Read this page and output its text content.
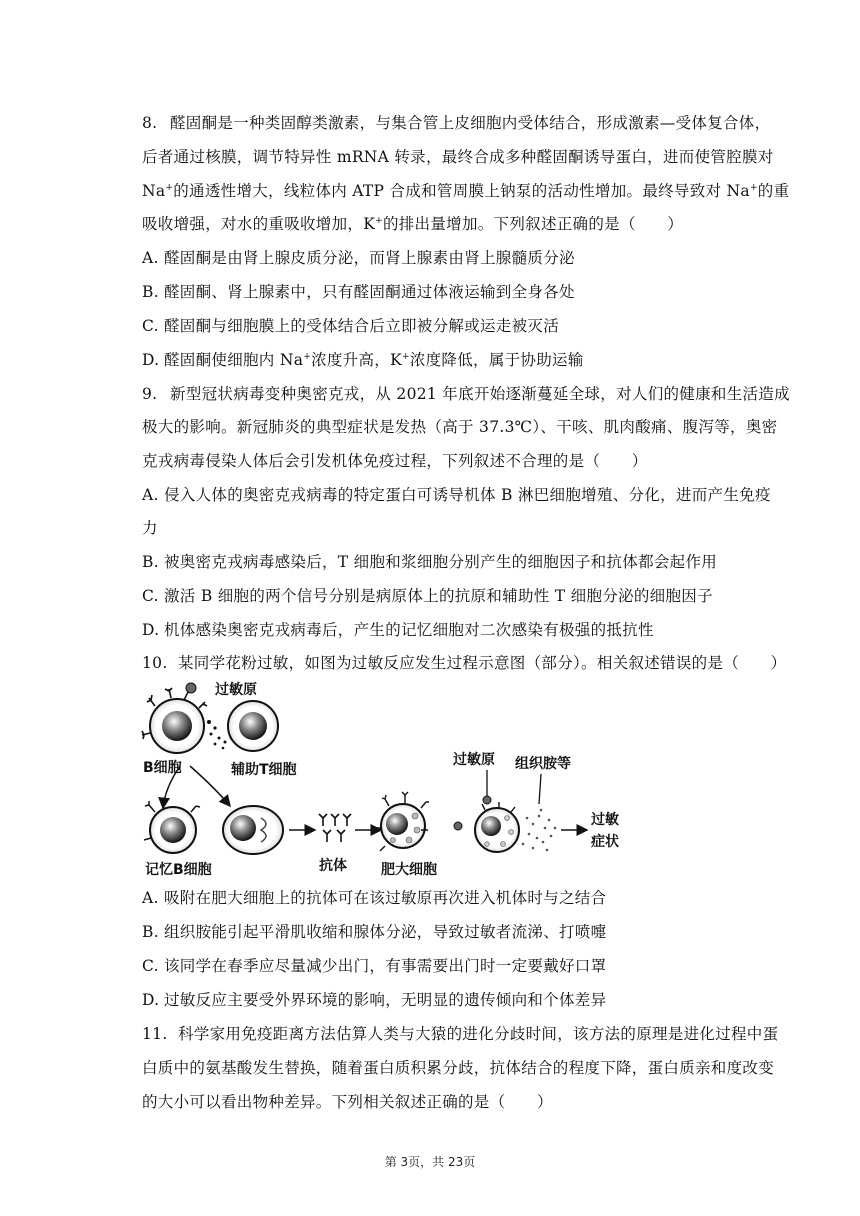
8. 醛固酮是一种类固醇类激素，与集合管上皮细胞内受体结合，形成激素—受体复合体，
后者通过核膜，调节特异性 mRNA 转录，最终合成多种醛固酮诱导蛋白，进而使管腔膜对
Na+的通透性增大，线粒体内 ATP 合成和管周膜上钠泵的活动性增加。最终导致对 Na+的重
吸收增强，对水的重吸收增加，K+的排出量增加。下列叙述正确的是（　　）
A. 醛固酮是由肾上腺皮质分泌，而肾上腺素由肾上腺髓质分泌
B. 醛固酮、肾上腺素中，只有醛固酮通过体液运输到全身各处
C. 醛固酮与细胞膜上的受体结合后立即被分解或运走被灭活
D. 醛固酮使细胞内 Na+浓度升高，K+浓度降低，属于协助运输
9. 新型冠状病毒变种奥密克戎，从 2021 年底开始逐渐蔓延全球，对人们的健康和生活造成
极大的影响。新冠肺炎的典型症状是发热（高于 37.3℃）、干咳、肌肉酸痛、腹泻等，奥密
克戎病毒侵染人体后会引发机体免疫过程，下列叙述不合理的是（　　）
A. 侵入人体的奥密克戎病毒的特定蛋白可诱导机体 B 淋巴细胞增殖、分化，进而产生免疫
力
B. 被奥密克戎病毒感染后，T 细胞和浆细胞分别产生的细胞因子和抗体都会起作用
C. 激活 B 细胞的两个信号分别是病原体上的抗原和辅助性 T 细胞分泌的细胞因子
D. 机体感染奥密克戎病毒后，产生的记忆细胞对二次感染有极强的抵抗性
10. 某同学花粉过敏，如图为过敏反应发生过程示意图（部分）。相关叙述错误的是（　　）
过敏原
B细胞	辅助T细胞
记忆B细胞	抗体 肥大细胞
过敏原 组织胺等
过敏
症状
A. 吸附在肥大细胞上的抗体可在该过敏原再次进入机体时与之结合
B. 组织胺能引起平滑肌收缩和腺体分泌，导致过敏者流涕、打喷嚏
C. 该同学在春季应尽量减少出门，有事需要出门时一定要戴好口罩
D. 过敏反应主要受外界环境的影响，无明显的遗传倾向和个体差异
11. 科学家用免疫距离方法估算人类与大猿的进化分歧时间，该方法的原理是进化过程中蛋
白质中的氨基酸发生替换，随着蛋白质积累分歧，抗体结合的程度下降，蛋白质亲和度改变
的大小可以看出物种差异。下列相关叙述正确的是（　　）
第 3页，共 23页
